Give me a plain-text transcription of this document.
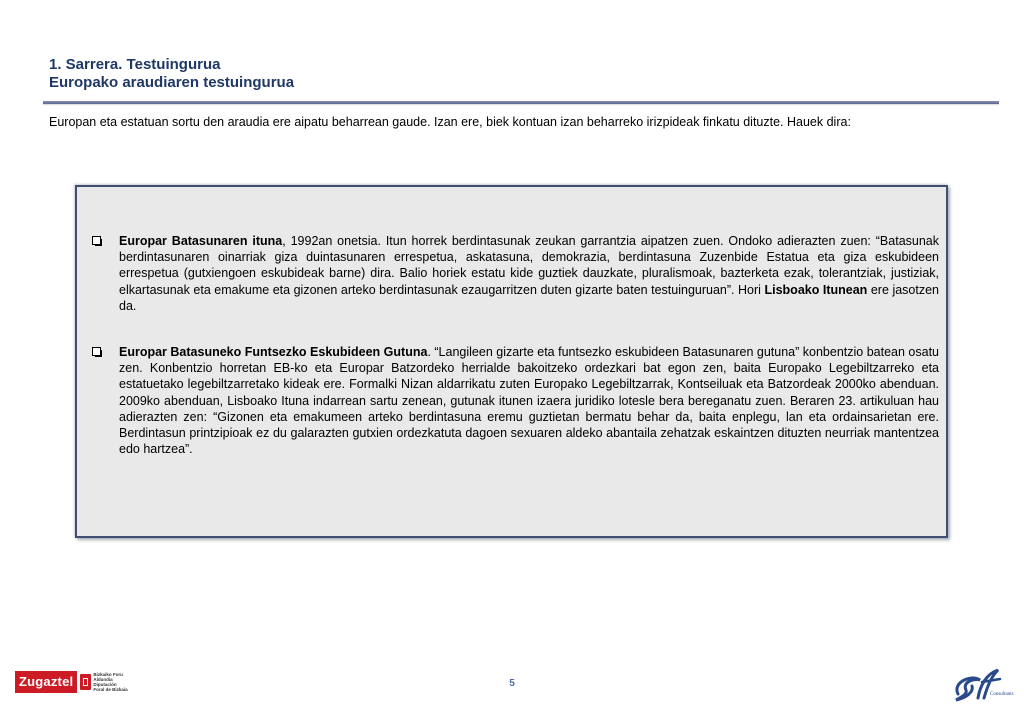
1. Sarrera. Testuingurua
Europako araudiaren testuingurua
Europan eta estatuan sortu den araudia ere aipatu beharrean gaude. Izan ere, biek kontuan izan beharreko irizpideak finkatu dituzte. Hauek dira:
Europar Batasunaren ituna, 1992an onetsia. Itun horrek berdintasunak zeukan garrantzia aipatzen zuen. Ondoko adierazten zuen: “Batasunak berdintasunaren oinarriak giza duintasunaren errespetua, askatasuna, demokrazia, berdintasuna Zuzenbide Estatua eta giza eskubideen errespetua (gutxiengoen eskubideak barne) dira. Balio horiek estatu kide guztiek dauzkate, pluralismoak, bazterketa ezak, tolerantziak, justiziak, elkartasunak eta emakume eta gizonen arteko berdintasunak ezaugarritzen duten gizarte baten testuinguruan”. Hori Lisboako Itunean ere jasotzen da.
Europar Batasuneko Funtsezko Eskubideen Gutuna. “Langileen gizarte eta funtsezko eskubideen Batasunaren gutuna” konbentzio batean osatu zen. Konbentzio horretan EB-ko eta Europar Batzordeko herrialde bakoitzeko ordezkari bat egon zen, baita Europako Legebiltzarreko eta estatuetako legebiltzarretako kideak ere. Formalki Nizan aldarrikatu zuten Europako Legebiltzarrak, Kontseiluak eta Batzordeak 2000ko abenduan. 2009ko abenduan, Lisboako Ituna indarrean sartu zenean, gutunak itunen izaera juridiko lotesle bera bereganatu zuen. Beraren 23. artikuluan hau adierazten zen: “Gizonen eta emakumeen arteko berdintasuna eremu guztietan bermatu behar da, baita enplegu, lan eta ordainsarietan ere. Berdintasun printzipioak ez du galarazten gutxien ordezkatuta dagoen sexuaren aldeko abantaila zehatzak eskaintzen dituzten neurriak mantentzea edo hartzea”.
Zugaztel	Bizkaiko Foru
Aldundia
Diputación
Foral de Bizkaia
5
Consultants
